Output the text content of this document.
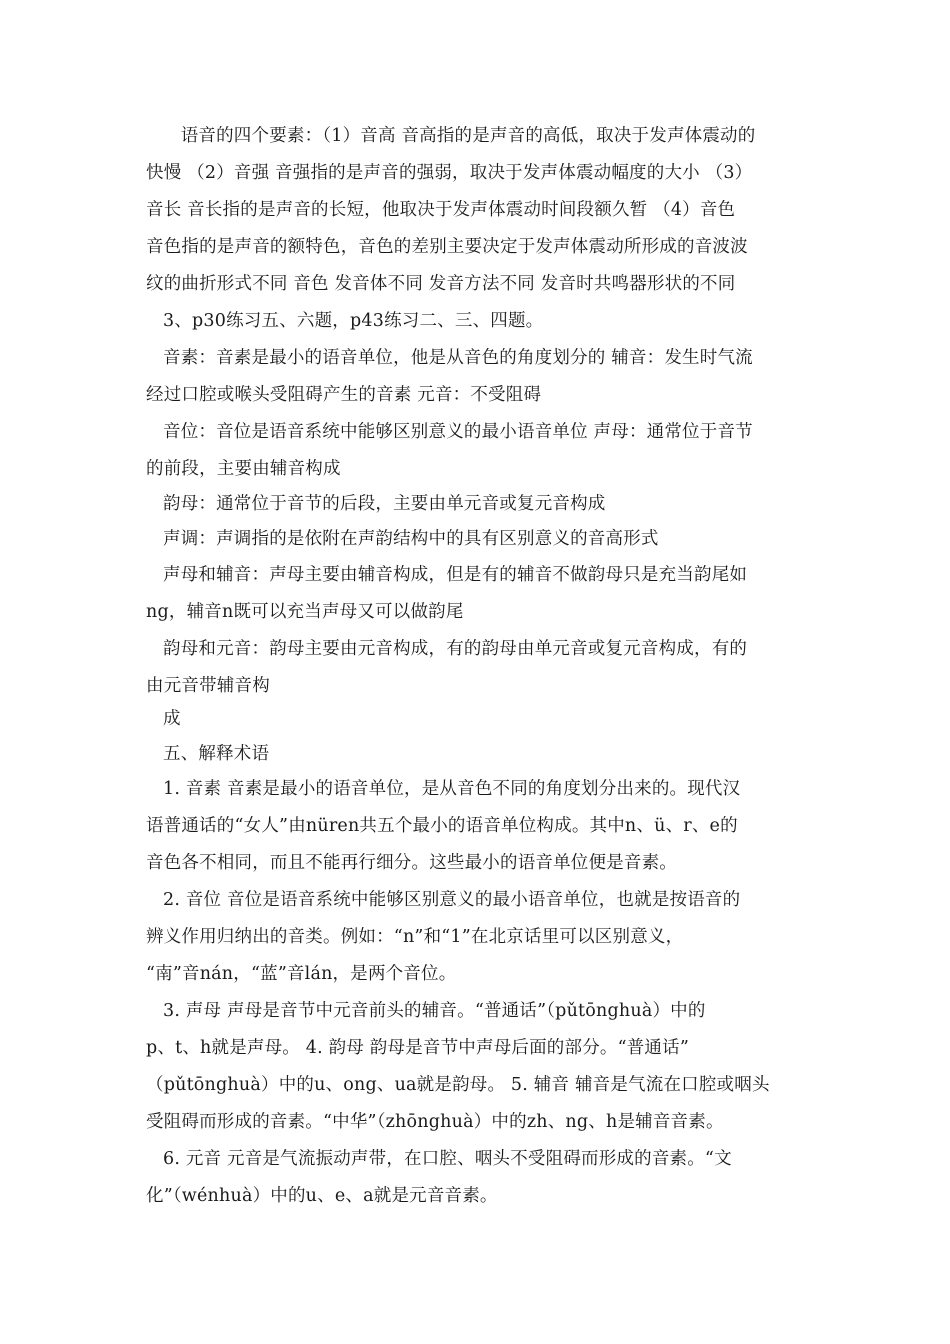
　语音的四个要素：（1）音高 音高指的是声音的高低，取决于发声体震动的
快慢 （2）音强 音强指的是声音的强弱，取决于发声体震动幅度的大小 （3）
音长 音长指的是声音的长短，他取决于发声体震动时间段额久暂 （4）音色
音色指的是声音的额特色，音色的差别主要决定于发声体震动所形成的音波波
纹的曲折形式不同 音色 发音体不同 发音方法不同 发音时共鸣器形状的不同
3、p30练习五、六题，p43练习二、三、四题。
音素：音素是最小的语音单位，他是从音色的角度划分的 辅音：发生时气流
经过口腔或喉头受阻碍产生的音素 元音：不受阻碍
音位：音位是语音系统中能够区别意义的最小语音单位 声母：通常位于音节
的前段，主要由辅音构成
韵母：通常位于音节的后段，主要由单元音或复元音构成
声调：声调指的是依附在声韵结构中的具有区别意义的音高形式
声母和辅音：声母主要由辅音构成，但是有的辅音不做韵母只是充当韵尾如
ng，辅音n既可以充当声母又可以做韵尾
韵母和元音：韵母主要由元音构成，有的韵母由单元音或复元音构成，有的
由元音带辅音构
成
五、解释术语
1. 音素 音素是最小的语音单位，是从音色不同的角度划分出来的。现代汉
语普通话的“女人”由nüren共五个最小的语音单位构成。其中n、ü、r、e的
音色各不相同，而且不能再行细分。这些最小的语音单位便是音素。
2. 音位 音位是语音系统中能够区别意义的最小语音单位，也就是按语音的
辨义作用归纳出的音类。例如：“n”和“1”在北京话里可以区别意义，
“南”音nán，“蓝”音lán，是两个音位。
3. 声母 声母是音节中元音前头的辅音。“普通话”（pǔtōnghuà）中的
p、t、h就是声母。 4. 韵母 韵母是音节中声母后面的部分。“普通话”
（pǔtōnghuà）中的u、ong、ua就是韵母。 5. 辅音 辅音是气流在口腔或咽头
受阻碍而形成的音素。“中华”（zhōnghuà）中的zh、ng、h是辅音音素。
6. 元音 元音是气流振动声带，在口腔、咽头不受阻碍而形成的音素。“文
化”（wénhuà）中的u、e、a就是元音音素。
